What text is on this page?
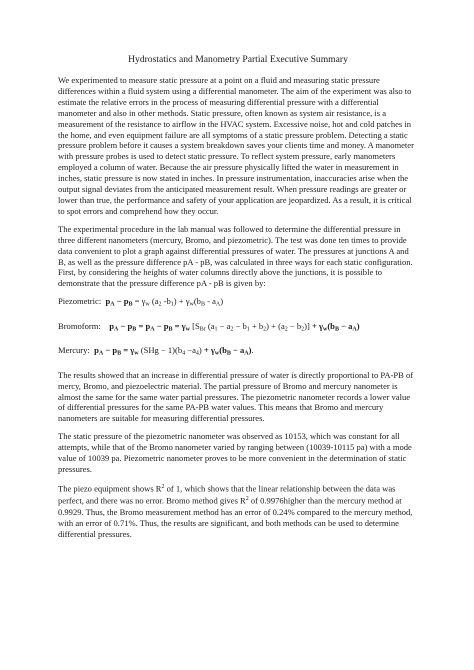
Hydrostatics and Manometry Partial Executive Summary

We experimented to measure static pressure at a point on a fluid and measuring static pressure differences within a fluid system using a differential manometer. The aim of the experiment was also to estimate the relative errors in the process of measuring differential pressure with a differential manometer and also in other methods. Static pressure, often known as system air resistance, is a measurement of the resistance to airflow in the HVAC system. Excessive noise, hot and cold patches in the home, and even equipment failure are all symptoms of a static pressure problem. Detecting a static pressure problem before it causes a system breakdown saves your clients time and money. A manometer with pressure probes is used to detect static pressure. To reflect system pressure, early manometers employed a column of water. Because the air pressure physically lifted the water in measurement in inches, static pressure is now stated in inches. In pressure instrumentation, inaccuracies arise when the output signal deviates from the anticipated measurement result. When pressure readings are greater or lower than true, the performance and safety of your application are jeopardized. As a result, it is critical to spot errors and comprehend how they occur.

The experimental procedure in the lab manual was followed to determine the differential pressure in three different nanometers (mercury, Bromo, and piezometric). The test was done ten times to provide data convenient to plot a graph against differential pressures of water. The pressures at junctions A and B, as well as the pressure difference pA - pB, was calculated in three ways for each static configuration. First, by considering the heights of water columns directly above the junctions, it is possible to demonstrate that the pressure difference pA - pB is given by:

Piezometric:  $p_A - p_B = \gamma_w$ ($a_2$ $-b_1) + \gamma_w(b_B - a_A)$
Bromoform: $p_A - p_B = p_A - p_B = \gamma_w$ [$S_{Br}$ $(a_1 - a_2 - b_1 + b_2) + (a_2 - b_2)] + \gamma_w(b_B - a_A)$
Mercury: $p_A - p_B = \gamma_w$ $(SHg - 1)(b_4 -a_4) + \gamma_w(b_B - a_A)$.

The results showed that an increase in differential pressure of water is directly proportional to PA-PB of mercy, Bromo, and piezoelectric material. The partial pressure of Bromo and mercury nanometer is almost the same for the same water partial pressures. The piezometric nanometer records a lower value of differential pressures for the same PA-PB water values. This means that Bromo and mercury nanometers are suitable for measuring differential pressures.

The static pressure of the piezometric nanometer was observed as 10153, which was constant for all attempts, while that of the Bromo nanometer varied by ranging between (10039-10115 pa) with a mode value of 10039 pa. Piezometric nanometer proves to be more convenient in the determination of static pressures.

The piezo equipment shows $R^2$ of 1, which shows that the linear relationship between the data was perfect, and there was no error. Bromo method gives $R^2$ of 0.9976higher than the mercury method at 0.9929. Thus, the Bromo measurement method has an error of 0.24% compared to the mercury method, with an error of 0.71%. Thus, the results are significant, and both methods can be used to determine differential pressures.
